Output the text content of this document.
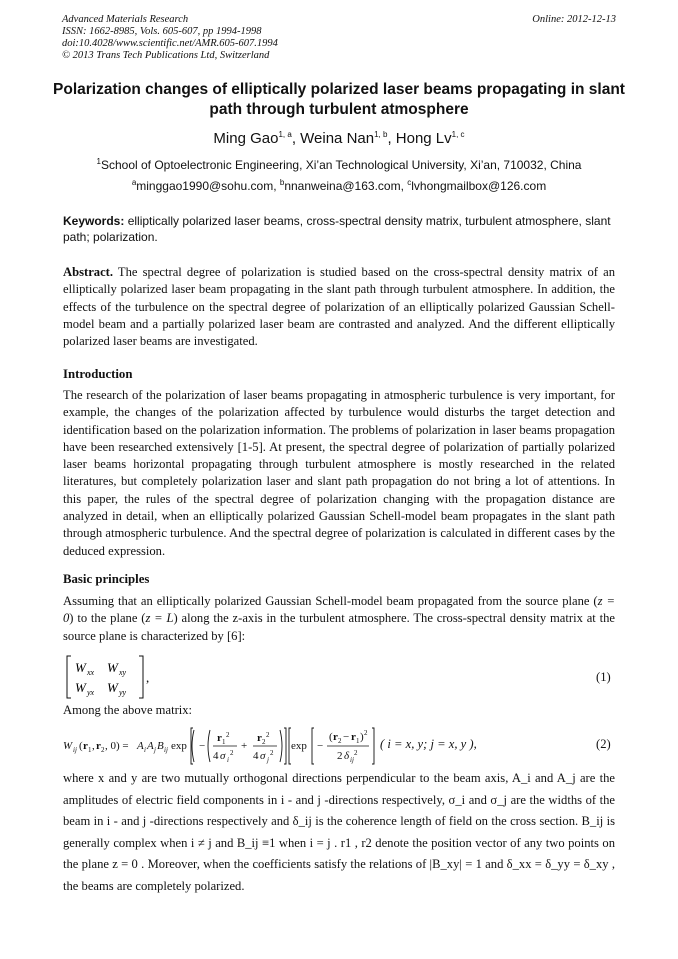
Advanced Materials Research
ISSN: 1662-8985, Vols. 605-607, pp 1994-1998
doi:10.4028/www.scientific.net/AMR.605-607.1994
© 2013 Trans Tech Publications Ltd, Switzerland
Online: 2012-12-13
Polarization changes of elliptically polarized laser beams propagating in slant path through turbulent atmosphere
Ming Gao$^{1, a}$, Weina Nan$^{1, b}$, Hong Lv$^{1, c}$
$^1$School of Optoelectronic Engineering, Xi’an Technological University, Xi’an, 710032, China
$^a$minggao1990@sohu.com, $^b$nnanweina@163.com, $^c$lvhongmailbox@126.com
Keywords: elliptically polarized laser beams, cross-spectral density matrix, turbulent atmosphere, slant path; polarization.
Abstract. The spectral degree of polarization is studied based on the cross-spectral density matrix of an elliptically polarized laser beam propagating in the slant path through turbulent atmosphere. In addition, the effects of the turbulence on the spectral degree of polarization of an elliptically polarized Gaussian Schell-model beam and a partially polarized laser beam are contrasted and analyzed. And the different elliptically polarized laser beams are investigated.
Introduction
The research of the polarization of laser beams propagating in atmospheric turbulence is very important, for example, the changes of the polarization affected by turbulence would disturbs the target detection and identification based on the polarization information. The problems of polarization in laser beams propagation have been researched extensively [1-5]. At present, the spectral degree of polarization of partially polarized laser beams horizontal propagating through turbulent atmosphere is mostly researched in the related literatures, but completely polarization laser and slant path propagation do not bring a lot of attentions. In this paper, the rules of the spectral degree of polarization changing with the propagation distance are analyzed in detail, when an elliptically polarized Gaussian Schell-model beam propagates in the slant path through atmospheric turbulence. And the spectral degree of polarization is calculated in different cases by the deduced expression.
Basic principles
Assuming that an elliptically polarized Gaussian Schell-model beam propagated from the source plane (z = 0) to the plane (z = L) along the z-axis in the turbulent atmosphere. The cross-spectral density matrix at the source plane is characterized by [6]:
W xx W xy
W yx W yy
,	(1)
Among the above matrix:
W ij ( r 1 , r 2 , 0) = A i A j B ij exp −
r 1
2
4 σ i
2
+
r 2
2
4 σ j
2
exp −
( r 2 − r 1 ) 2
2 δ ij
2
( i = x, y; j = x, y ),	(2)
where x and y are two mutually orthogonal directions perpendicular to the beam axis, A_i and A_j are the amplitudes of electric field components in i - and j -directions respectively, σ_i and σ_j are the widths of the beam in i - and j -directions respectively and δ_ij is the coherence length of field on the cross section. B_ij is generally complex when i ≠ j and B_ij ≡1 when i = j . r1 , r2 denote the position vector of any two points on the plane z = 0 . Moreover, when the coefficients satisfy the relations of |B_xy| = 1 and δ_xx = δ_yy = δ_xy , the beams are completely polarized.
